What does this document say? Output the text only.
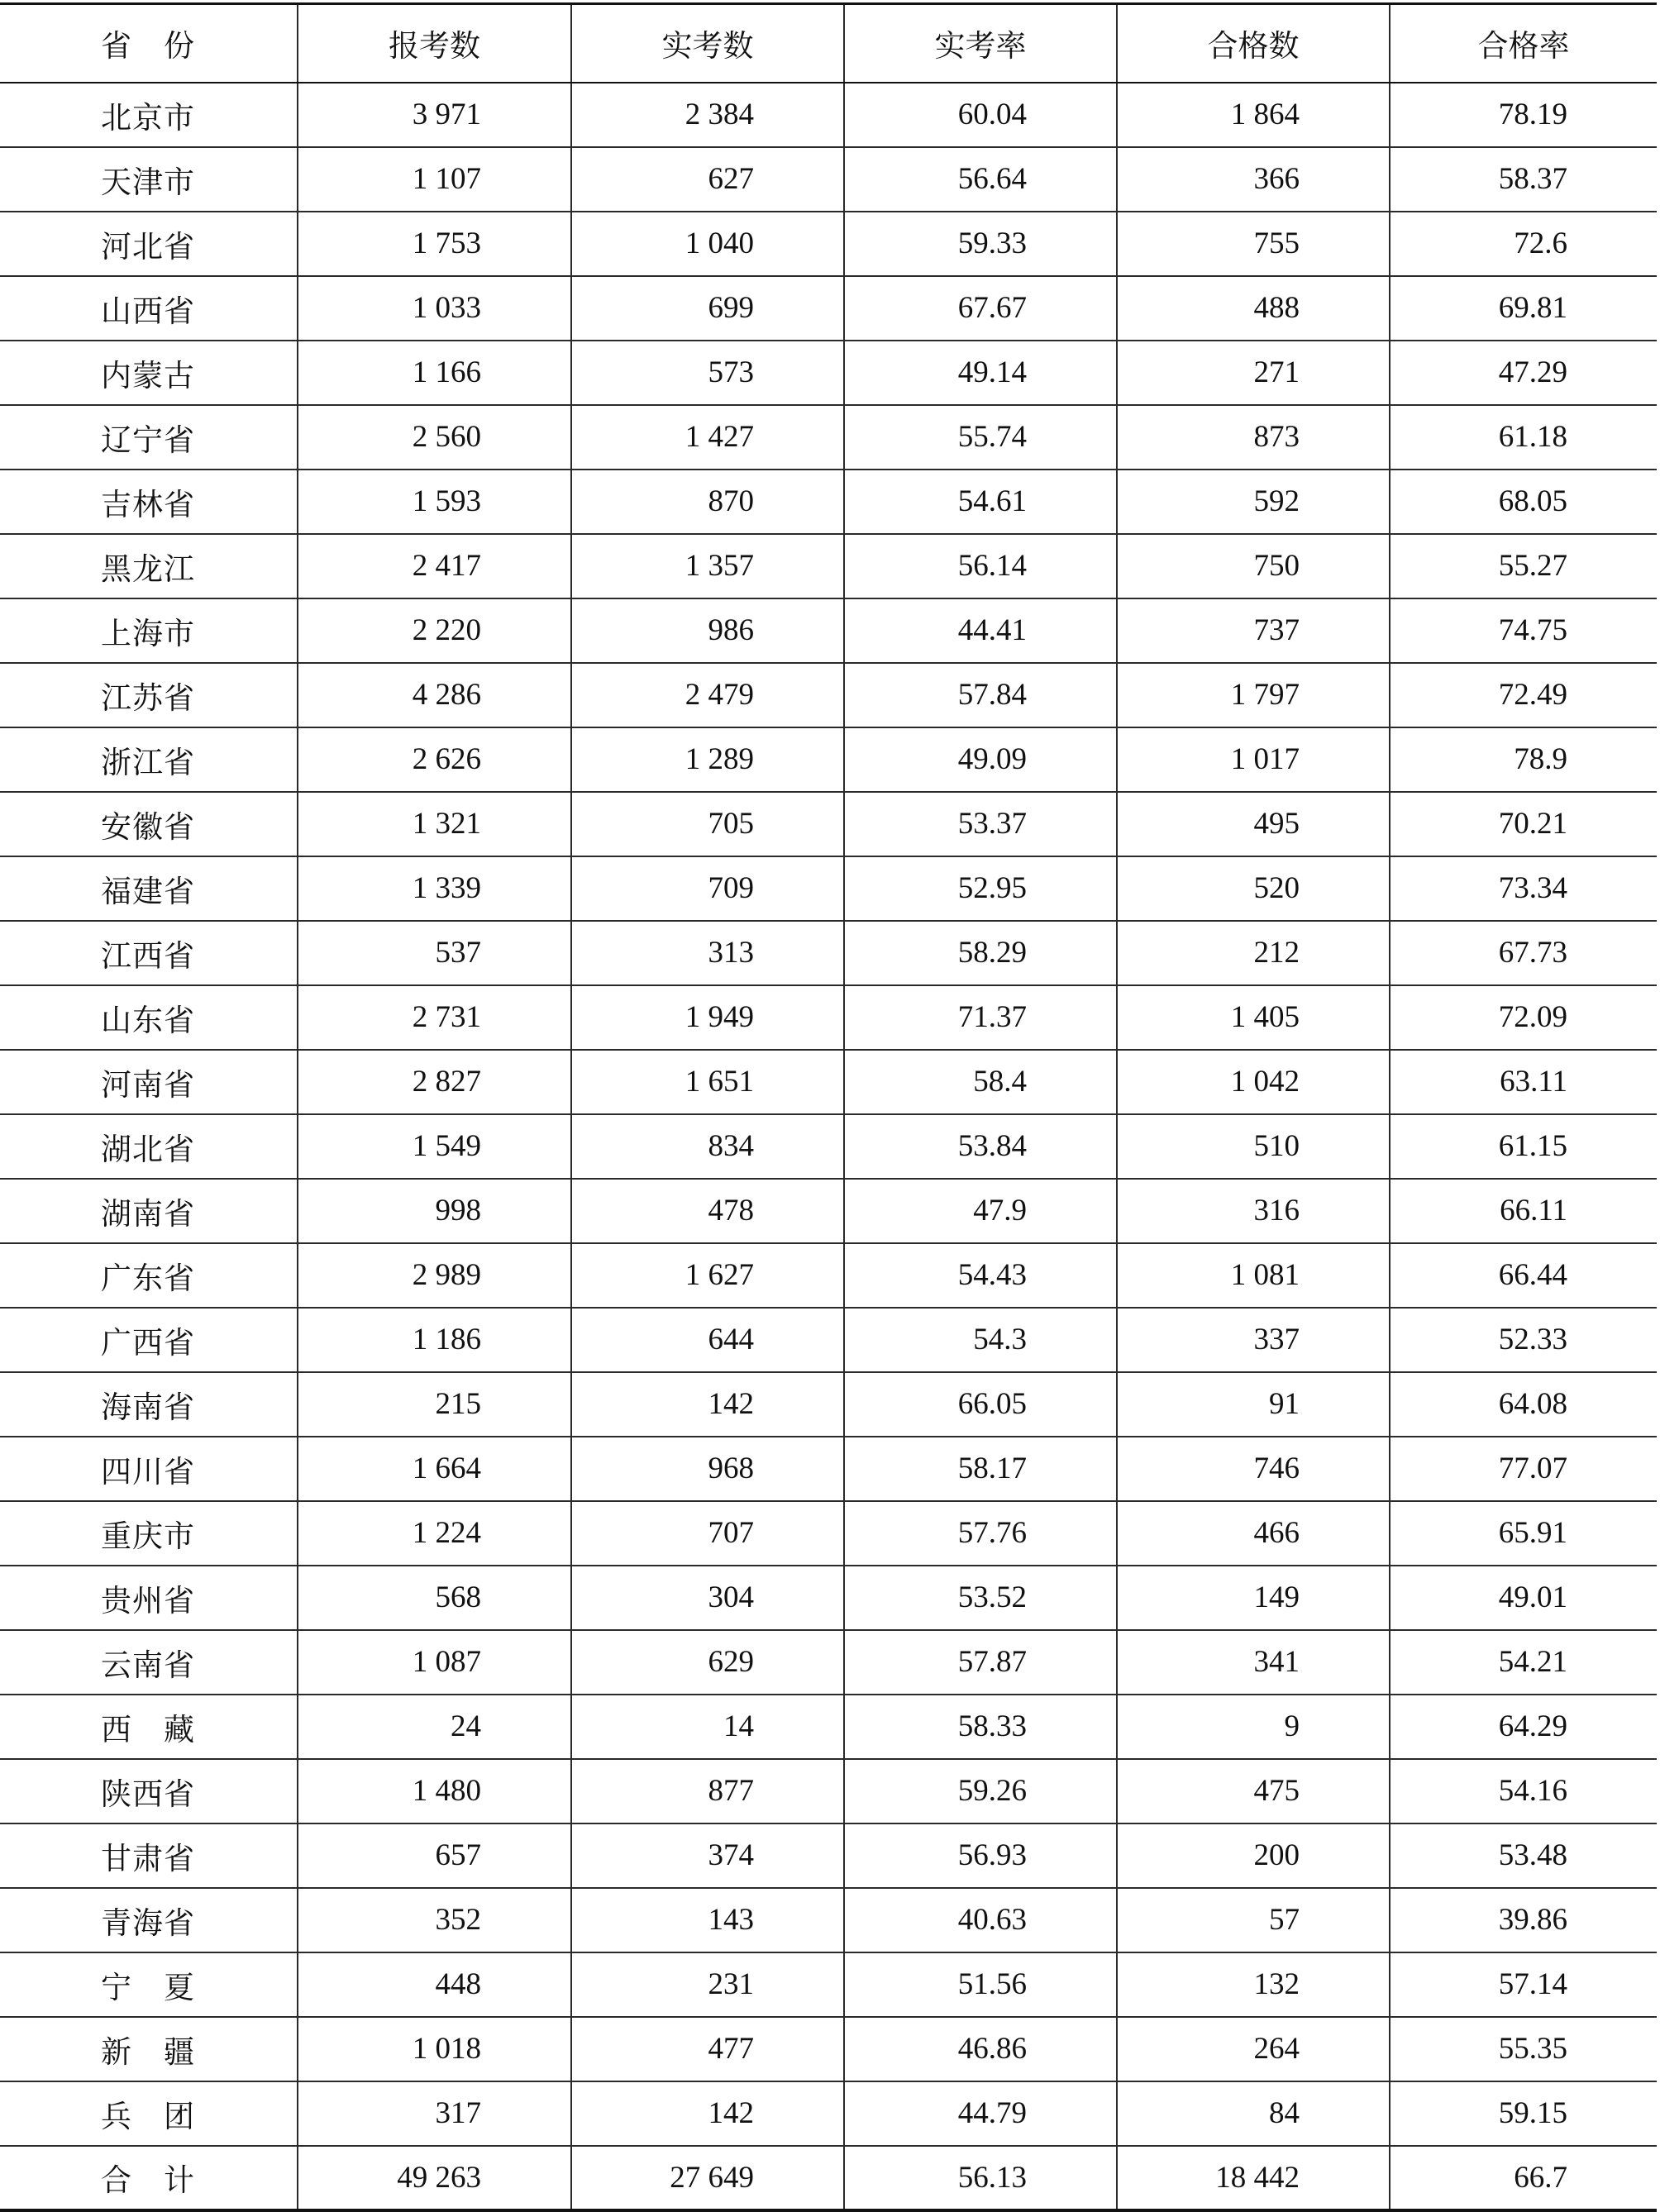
省　份	报考数	实考数	实考率	合格数	合格率
北京市	3 971	2 384	60.04	1 864	78.19
天津市	1 107	627	56.64	366	58.37
河北省	1 753	1 040	59.33	755	72.6
山西省	1 033	699	67.67	488	69.81
内蒙古	1 166	573	49.14	271	47.29
辽宁省	2 560	1 427	55.74	873	61.18
吉林省	1 593	870	54.61	592	68.05
黑龙江	2 417	1 357	56.14	750	55.27
上海市	2 220	986	44.41	737	74.75
江苏省	4 286	2 479	57.84	1 797	72.49
浙江省	2 626	1 289	49.09	1 017	78.9
安徽省	1 321	705	53.37	495	70.21
福建省	1 339	709	52.95	520	73.34
江西省	537	313	58.29	212	67.73
山东省	2 731	1 949	71.37	1 405	72.09
河南省	2 827	1 651	58.4	1 042	63.11
湖北省	1 549	834	53.84	510	61.15
湖南省	998	478	47.9	316	66.11
广东省	2 989	1 627	54.43	1 081	66.44
广西省	1 186	644	54.3	337	52.33
海南省	215	142	66.05	91	64.08
四川省	1 664	968	58.17	746	77.07
重庆市	1 224	707	57.76	466	65.91
贵州省	568	304	53.52	149	49.01
云南省	1 087	629	57.87	341	54.21
西　藏	24	14	58.33	9	64.29
陕西省	1 480	877	59.26	475	54.16
甘肃省	657	374	56.93	200	53.48
青海省	352	143	40.63	57	39.86
宁　夏	448	231	51.56	132	57.14
新　疆	1 018	477	46.86	264	55.35
兵　团	317	142	44.79	84	59.15
合　计	49 263	27 649	56.13	18 442	66.7
